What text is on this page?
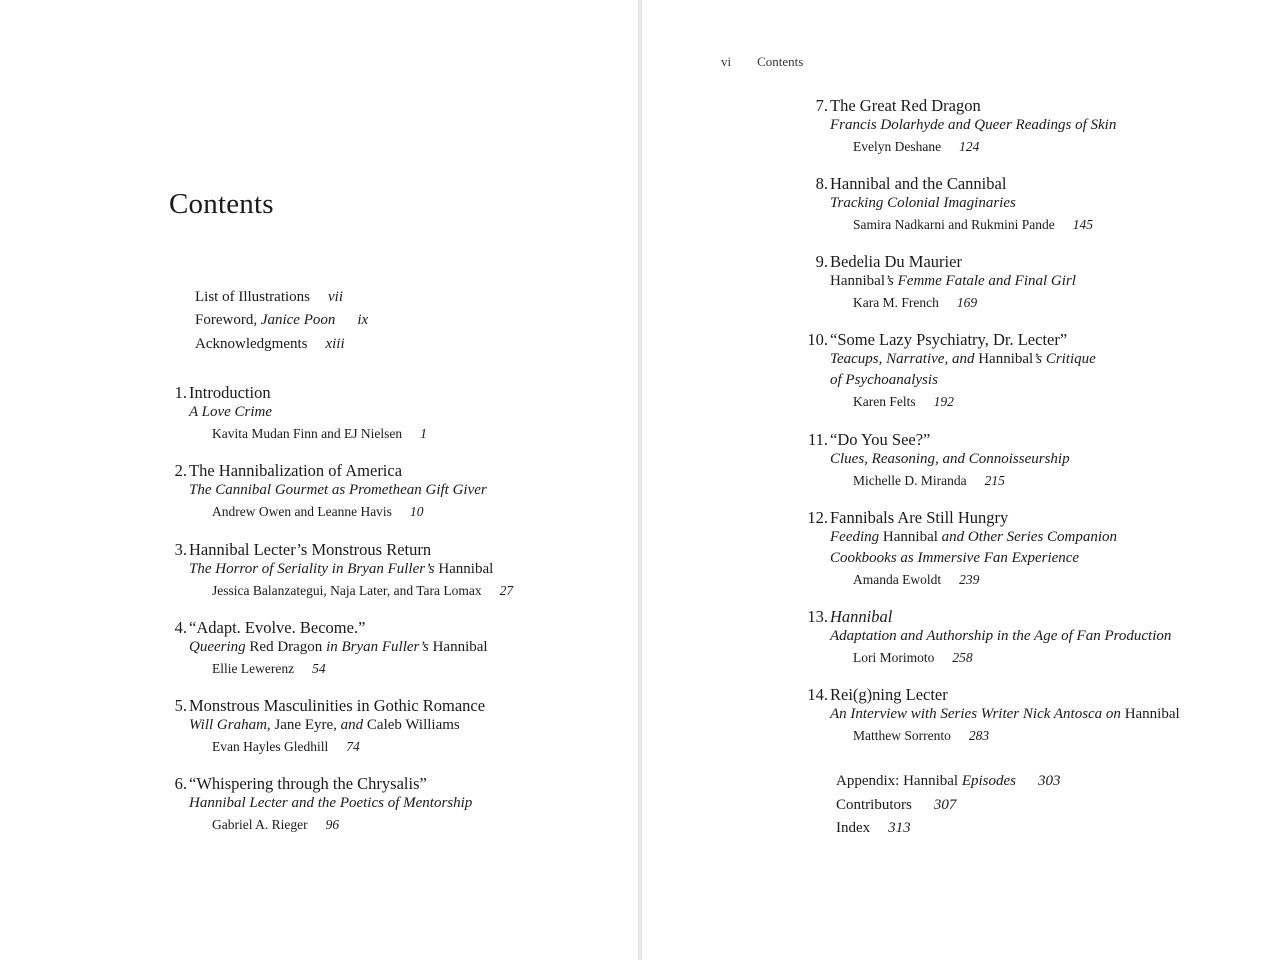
Contents
List of Illustrations vii
Foreword, Janice Poon ix
Acknowledgments xiii
1. Introduction
A Love Crime
Kavita Mudan Finn and EJ Nielsen 1
2. The Hannibalization of America
The Cannibal Gourmet as Promethean Gift Giver
Andrew Owen and Leanne Havis 10
3. Hannibal Lecter’s Monstrous Return
The Horror of Seriality in Bryan Fuller’s Hannibal
Jessica Balanzategui, Naja Later, and Tara Lomax 27
4. “Adapt. Evolve. Become.”
Queering Red Dragon in Bryan Fuller’s Hannibal
Ellie Lewerenz 54
5. Monstrous Masculinities in Gothic Romance
Will Graham, Jane Eyre, and Caleb Williams
Evan Hayles Gledhill 74
6. “Whispering through the Chrysalis”
Hannibal Lecter and the Poetics of Mentorship
Gabriel A. Rieger 96
vi Contents
7. The Great Red Dragon
Francis Dolarhyde and Queer Readings of Skin
Evelyn Deshane 124
8. Hannibal and the Cannibal
Tracking Colonial Imaginaries
Samira Nadkarni and Rukmini Pande 145
9. Bedelia Du Maurier
Hannibal’s Femme Fatale and Final Girl
Kara M. French 169
10. “Some Lazy Psychiatry, Dr. Lecter”
Teacups, Narrative, and Hannibal’s Critique
of Psychoanalysis
Karen Felts 192
11. “Do You See?”
Clues, Reasoning, and Connoisseurship
Michelle D. Miranda 215
12. Fannibals Are Still Hungry
Feeding Hannibal and Other Series Companion
Cookbooks as Immersive Fan Experience
Amanda Ewoldt 239
13. Hannibal
Adaptation and Authorship in the Age of Fan Production
Lori Morimoto 258
14. Rei(g)ning Lecter
An Interview with Series Writer Nick Antosca on Hannibal
Matthew Sorrento 283
Appendix: Hannibal Episodes 303
Contributors 307
Index 313
